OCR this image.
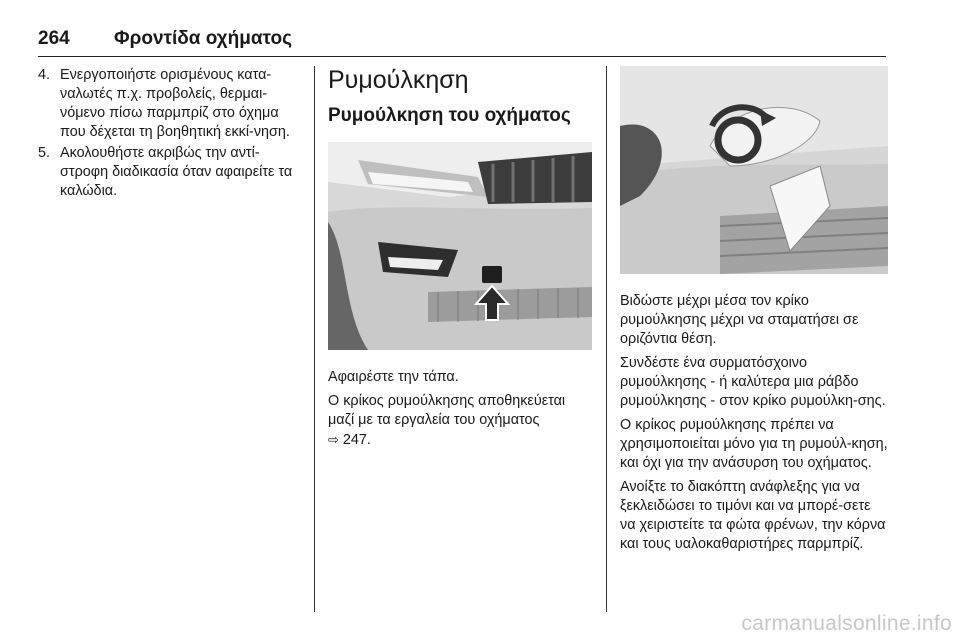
264 Φροντίδα οχήματος
4. Ενεργοποιήστε ορισμένους κατα-ναλωτές π.χ. προβολείς, θερμαι-νόμενο πίσω παρμπρίζ στο όχημα που δέχεται τη βοηθητική εκκί-νηση.
5. Ακολουθήστε ακριβώς την αντί-στροφη διαδικασία όταν αφαιρείτε τα καλώδια.
Ρυμούλκηση
Ρυμούλκηση του οχήματος

Αφαιρέστε την τάπα.

Ο κρίκος ρυμούλκησης αποθηκεύεται μαζί με τα εργαλεία του οχήματος
⇨ 247.

Βιδώστε μέχρι μέσα τον κρίκο ρυμούλκησης μέχρι να σταματήσει σε οριζόντια θέση.

Συνδέστε ένα συρματόσχοινο ρυμούλκησης - ή καλύτερα μια ράβδο ρυμούλκησης - στον κρίκο ρυμούλκη-σης.

Ο κρίκος ρυμούλκησης πρέπει να χρησιμοποιείται μόνο για τη ρυμούλ-κηση, και όχι για την ανάσυρση του οχήματος.

Ανοίξτε το διακόπτη ανάφλεξης για να ξεκλειδώσει το τιμόνι και να μπορέ-σετε να χειριστείτε τα φώτα φρένων, την κόρνα και τους υαλοκαθαριστήρες παρμπρίζ.

carmanualsonline.info
